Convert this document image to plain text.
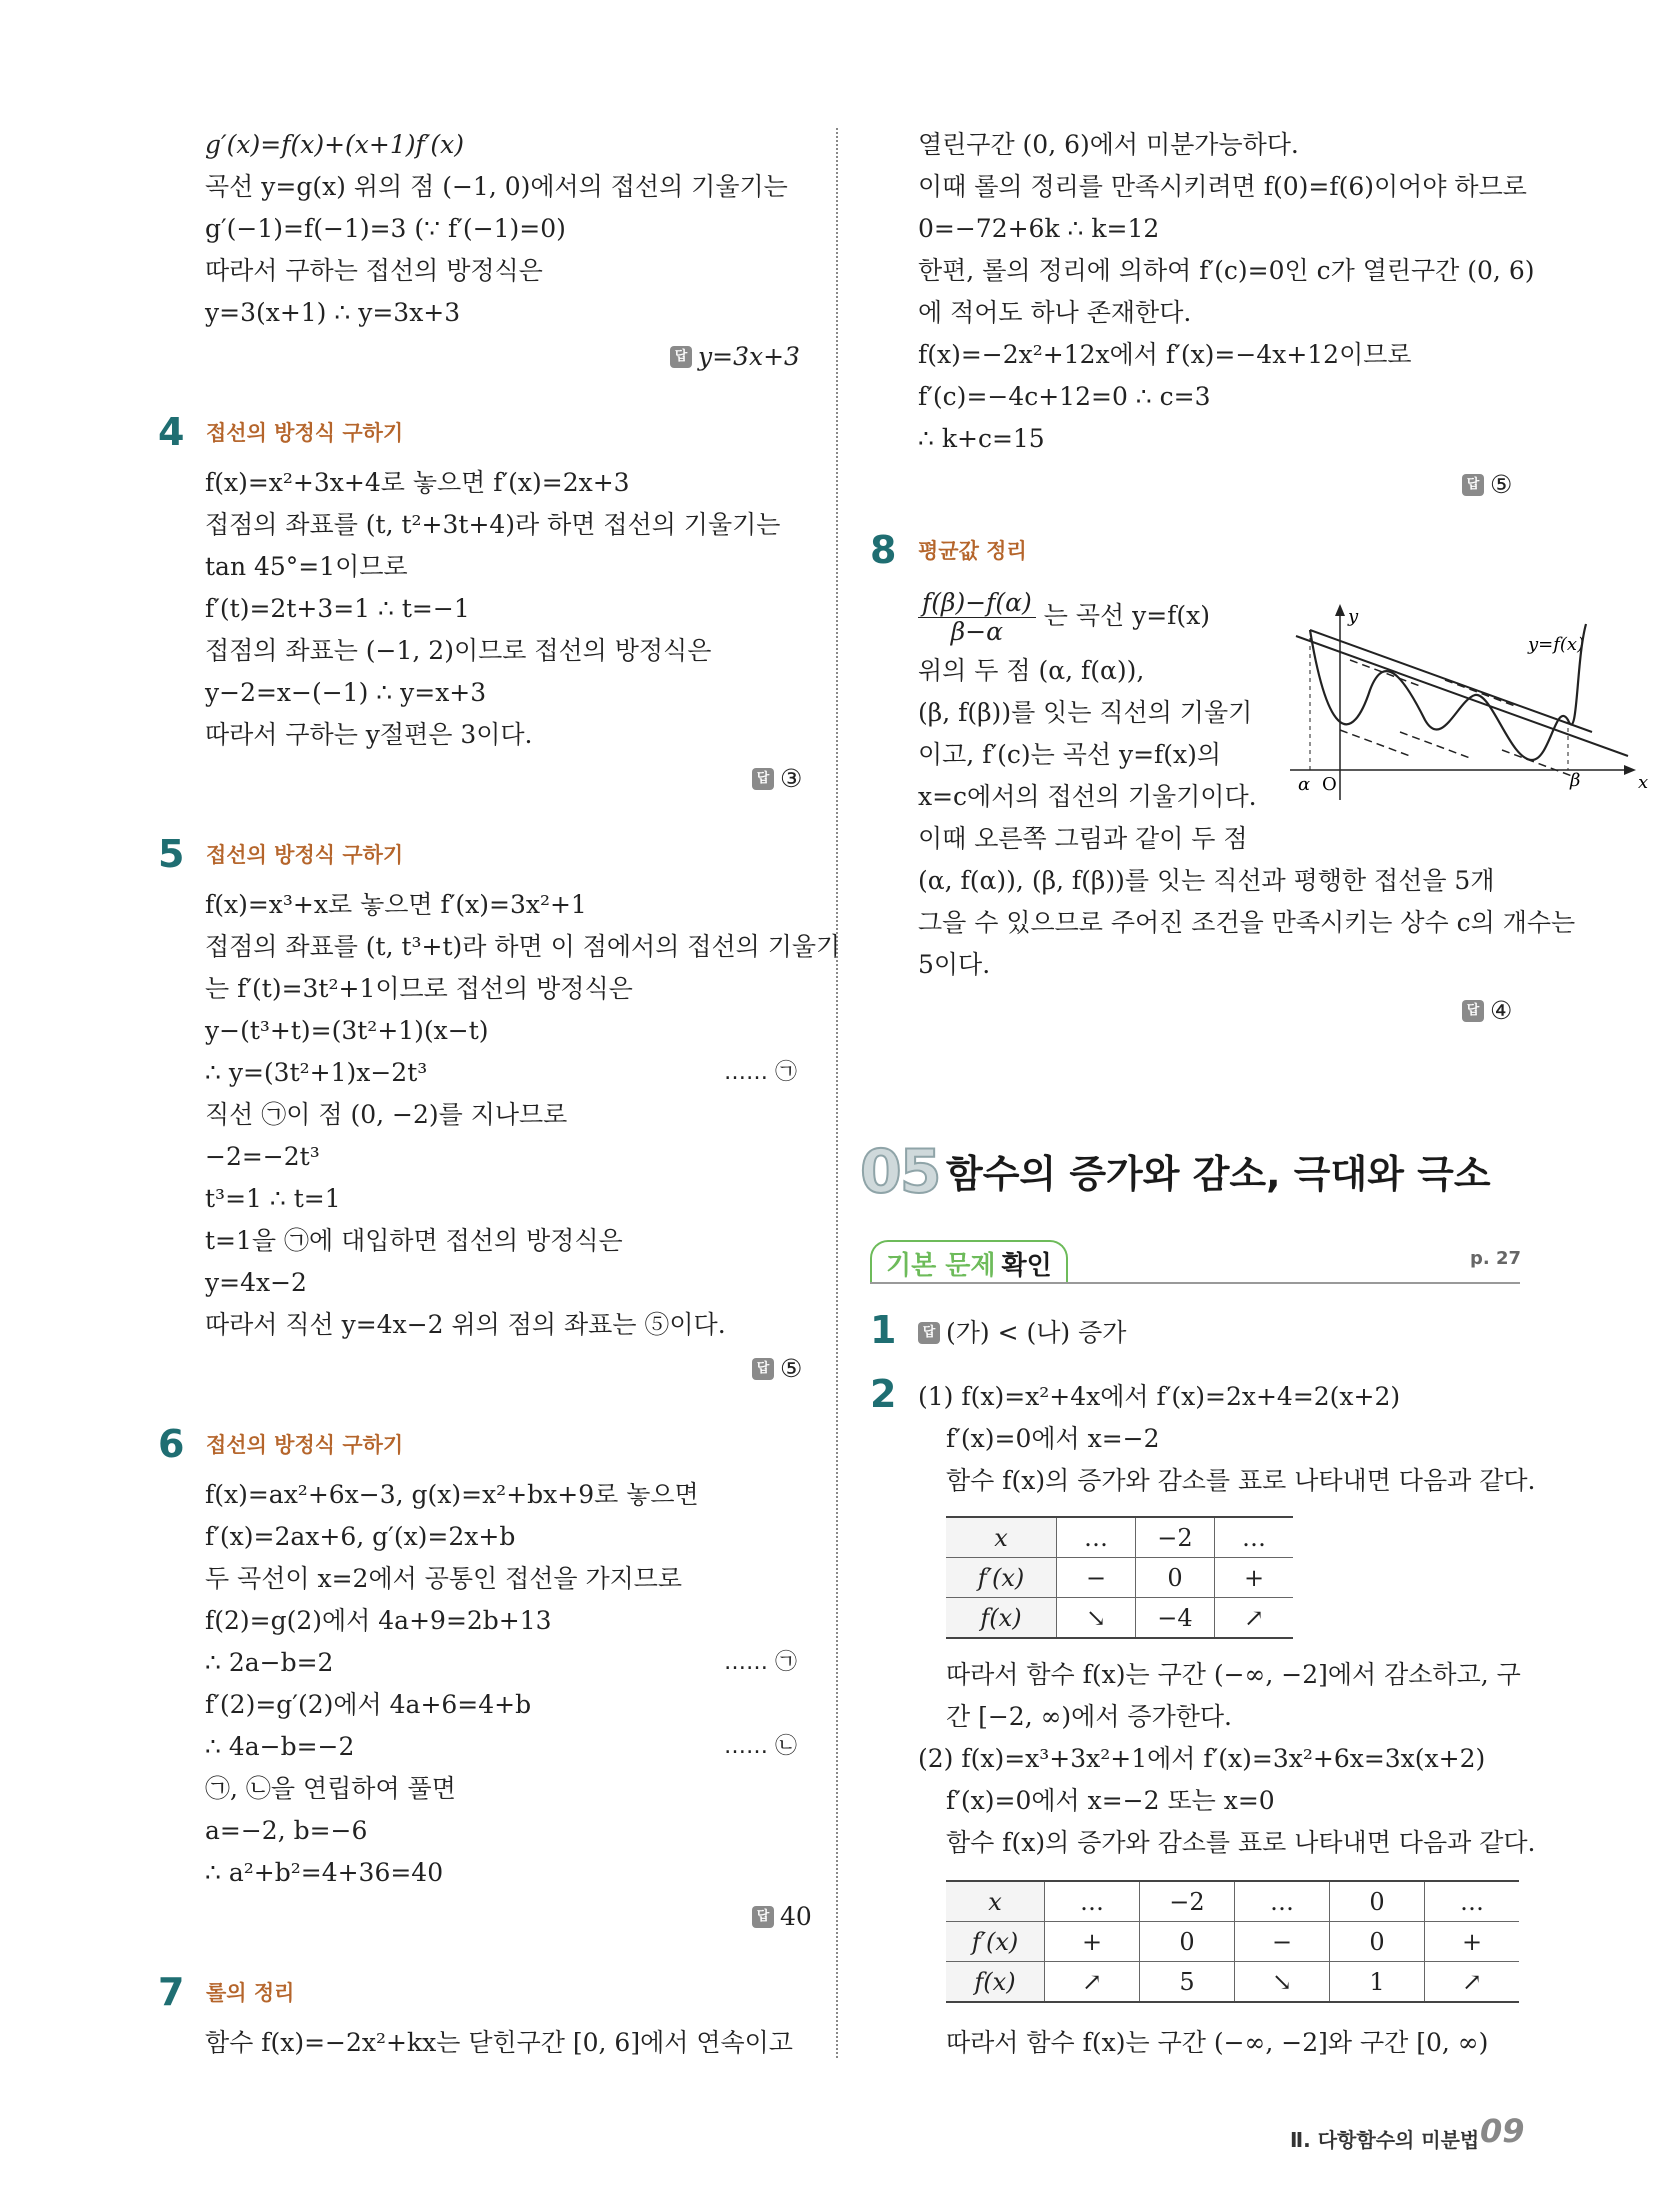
g′(x)=f(x)+(x+1)f′(x)
곡선 y=g(x) 위의 점 (−1, 0)에서의 접선의 기울기는
g′(−1)=f(−1)=3 (∵ f′(−1)=0)
따라서 구하는 접선의 방정식은
y=3(x+1) ∴ y=3x+3
답 y=3x+3
4 접선의 방정식 구하기
f(x)=x²+3x+4로 놓으면 f′(x)=2x+3
접점의 좌표를 (t, t²+3t+4)라 하면 접선의 기울기는
tan 45°=1이므로
f′(t)=2t+3=1 ∴ t=−1
접점의 좌표는 (−1, 2)이므로 접선의 방정식은
y−2=x−(−1) ∴ y=x+3
따라서 구하는 y절편은 3이다.
답 ③
5 접선의 방정식 구하기
f(x)=x³+x로 놓으면 f′(x)=3x²+1
접점의 좌표를 (t, t³+t)라 하면 이 점에서의 접선의 기울기
는 f′(t)=3t²+1이므로 접선의 방정식은
y−(t³+t)=(3t²+1)(x−t)
∴ y=(3t²+1)x−2t³	…… ㉠
직선 ㉠이 점 (0, −2)를 지나므로
−2=−2t³
t³=1 ∴ t=1
t=1을 ㉠에 대입하면 접선의 방정식은
y=4x−2
따라서 직선 y=4x−2 위의 점의 좌표는 ⑤이다.
답 ⑤
6 접선의 방정식 구하기
f(x)=ax²+6x−3, g(x)=x²+bx+9로 놓으면
f′(x)=2ax+6, g′(x)=2x+b
두 곡선이 x=2에서 공통인 접선을 가지므로
f(2)=g(2)에서 4a+9=2b+13
∴ 2a−b=2	…… ㉠
f′(2)=g′(2)에서 4a+6=4+b
∴ 4a−b=−2	…… ㉡
㉠, ㉡을 연립하여 풀면
a=−2, b=−6
∴ a²+b²=4+36=40
답 40
7 롤의 정리
함수 f(x)=−2x²+kx는 닫힌구간 [0, 6]에서 연속이고
열린구간 (0, 6)에서 미분가능하다.
이때 롤의 정리를 만족시키려면 f(0)=f(6)이어야 하므로
0=−72+6k ∴ k=12
한편, 롤의 정리에 의하여 f′(c)=0인 c가 열린구간 (0, 6)
에 적어도 하나 존재한다.
f(x)=−2x²+12x에서 f′(x)=−4x+12이므로
f′(c)=−4c+12=0 ∴ c=3
∴ k+c=15
답 ⑤
8 평균값 정리
$\frac{f(\beta)-f(\alpha)}{\beta-\alpha}$ 는 곡선 y=f(x)
위의 두 점 (α, f(α)),
(β, f(β))를 잇는 직선의 기울기
이고, f′(c)는 곡선 y=f(x)의
x=c에서의 접선의 기울기이다.
이때 오른쪽 그림과 같이 두 점
(α, f(α)), (β, f(β))를 잇는 직선과 평행한 접선을 5개
그을 수 있으므로 주어진 조건을 만족시키는 상수 c의 개수는
5이다.
y
x
O
α	β
y=f(x)
답 ④
05 함수의 증가와 감소, 극대와 극소
기본 문제 확인	p. 27
1	답 (가) < (나) 증가
2 (1) f(x)=x²+4x에서 f′(x)=2x+4=2(x+2)
f′(x)=0에서 x=−2
함수 f(x)의 증가와 감소를 표로 나타내면 다음과 같다.
x	…	−2	…
f′(x)	−	0	+
f(x)	↘	−4	↗
따라서 함수 f(x)는 구간 (−∞, −2]에서 감소하고, 구
간 [−2, ∞)에서 증가한다.
(2) f(x)=x³+3x²+1에서 f′(x)=3x²+6x=3x(x+2)
f′(x)=0에서 x=−2 또는 x=0
함수 f(x)의 증가와 감소를 표로 나타내면 다음과 같다.
x	…	−2	…	0	…
f′(x)	+	0	−	0	+
f(x)	↗	5	↘	1	↗
따라서 함수 f(x)는 구간 (−∞, −2]와 구간 [0, ∞)
Ⅱ. 다항함수의 미분법 09
